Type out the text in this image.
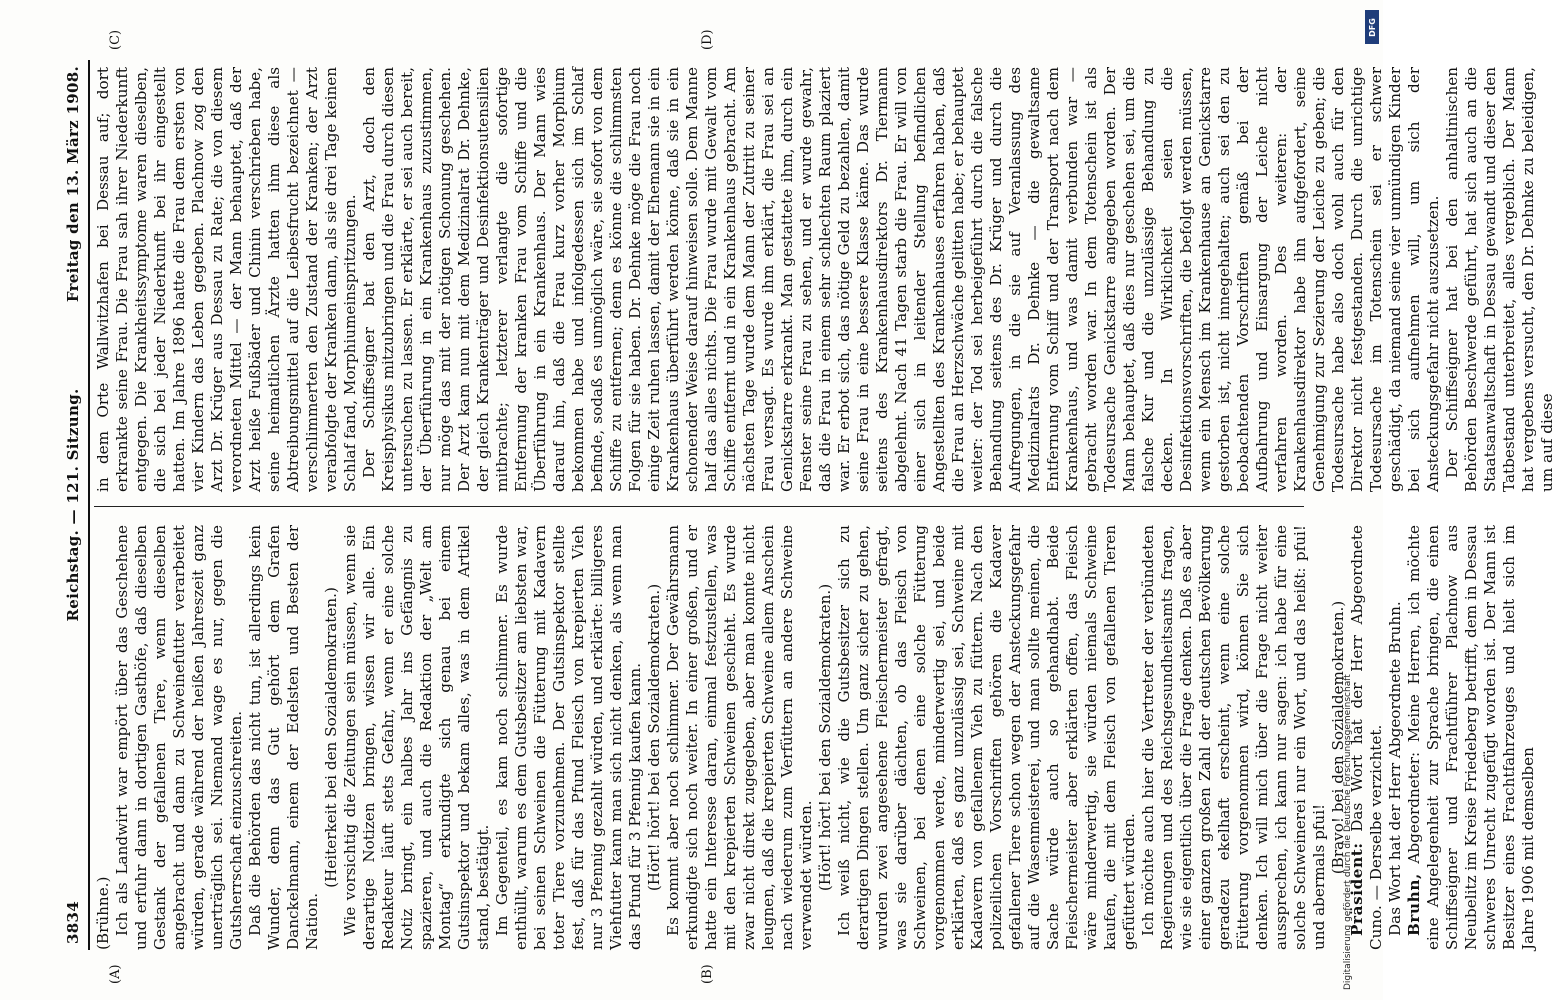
3834
Reichstag. — 121. Sitzung.
Freitag den 13. März 1908.
(A)	(B)
(C)	(D)

(Brühne.) Ich als Landwirt war empört über das Geschehene und erfuhr dann in dortigen Gasthöfe, daß dieselben Gestank der gefallenen Tiere, wenn dieselben angebracht und dann zu Schweinefutter verarbeitet würden, gerade während der heißen Jahreszeit ganz unerträglich sei. Niemand wage es nur, gegen die Gutsherrschaft einzuschreiten. Daß die Behörden das nicht tun, ist allerdings kein Wunder, denn das Gut gehört dem Grafen Danckelmann, einem der Edelsten und Besten der Nation.

(Heiterkeit bei den Sozialdemokraten.) Wie vorsichtig die Zeitungen sein müssen, wenn sie derartige Notizen bringen, wissen wir alle. Ein Redakteur läuft stets Gefahr, wenn er eine solche Notiz bringt, ein halbes Jahr ins Gefängnis zu spazieren, und auch die Redaktion der „Welt am Montag“ erkundigte sich genau bei einem Gutsinspektor und bekam alles, was in dem Artikel stand, bestätigt. Im Gegenteil, es kam noch schlimmer. Es wurde enthüllt, warum es dem Gutsbesitzer am liebsten war, bei seinen Schweinen die Fütterung mit Kadavern toter Tiere vorzunehmen. Der Gutsinspektor stellte fest, daß für das Pfund Fleisch von krepierten Vieh nur 3 Pfennig gezahlt würden, und erklärte: billigeres Viehfutter kann man sich nicht denken, als wenn man das Pfund für 3 Pfennig kaufen kann. (Hört! hört! bei den Sozialdemokraten.) Es kommt aber noch schlimmer. Der Gewährsmann erkundigte sich noch weiter. In einer großen, und er hatte ein Interesse daran, einmal festzustellen, was mit den krepierten Schweinen geschieht. Es wurde zwar nicht direkt zugegeben, aber man konnte nicht leugnen, daß die krepierten Schweine allem Anschein nach wiederum zum Verfüttern an andere Schweine verwendet würden. (Hört! hört! bei den Sozialdemokraten.) Ich weiß nicht, wie die Gutsbesitzer sich zu derartigen Dingen stellen. Um ganz sicher zu gehen, wurden zwei angesehene Fleischermeister gefragt, was sie darüber dächten, ob das Fleisch von Schweinen, bei denen eine solche Fütterung vorgenommen werde, minderwertig sei, und beide erklärten, daß es ganz unzulässig sei, Schweine mit Kadavern von gefallenem Vieh zu füttern. Nach den polizeilichen Vorschriften gehören die Kadaver gefallener Tiere schon wegen der Ansteckungsgefahr auf die Wasenmeisterei, und man sollte meinen, die Sache würde auch so gehandhabt. Beide Fleischermeister aber erklärten offen, das Fleisch wäre minderwertig, sie würden niemals Schweine kaufen, die mit dem Fleisch von gefallenen Tieren gefüttert würden. Ich möchte auch hier die Vertreter der verbündeten Regierungen und des Reichsgesundheitsamts fragen, wie sie eigentlich über die Frage denken. Daß es aber einer ganzen großen Zahl der deutschen Bevölkerung geradezu ekelhaft erscheint, wenn eine solche Fütterung vorgenommen wird, können Sie sich denken. Ich will mich über die Frage nicht weiter aussprechen, ich kann nur sagen: ich habe für eine solche Schweinerei nur ein Wort, und das heißt: pfui! und abermals pfui!

(Bravo! bei den Sozialdemokraten.)

Präsident: Das Wort hat der Herr Abgeordnete Cuno. — Derselbe verzichtet. Das Wort hat der Herr Abgeordnete Bruhn. Bruhn, Abgeordneter: Meine Herren, ich möchte eine Angelegenheit zur Sprache bringen, die einen Schiffseigner und Frachtführer Plachnow aus Neubelitz im Kreise Friedeberg betrifft, dem in Dessau schweres Unrecht zugefügt worden ist. Der Mann ist Besitzer eines Frachtfahrzeuges und hielt sich im Jahre 1906 mit demselben

in dem Orte Wallwitzhafen bei Dessau auf; dort erkrankte seine Frau. Die Frau sah ihrer Niederkunft entgegen. Die Krankheitssymptome waren dieselben, die sich bei jeder Niederkunft bei ihr eingestellt hatten. Im Jahre 1896 hatte die Frau dem ersten von vier Kindern das Leben gegeben. Plachnow zog den Arzt Dr. Krüger aus Dessau zu Rate; die von diesem verordneten Mittel — der Mann behauptet, daß der Arzt heiße Fußbäder und Chinin verschrieben habe, seine heimatlichen Ärzte hatten ihm diese als Abtreibungsmittel auf die Leibesfrucht bezeichnet — verschlimmerten den Zustand der Kranken; der Arzt verabfolgte der Kranken dann, als sie drei Tage keinen Schlaf fand, Morphiumeinspritzungen. Der Schiffseigner bat den Arzt, doch den Kreisphysikus mitzubringen und die Frau durch diesen untersuchen zu lassen. Er erklärte, er sei auch bereit, der Überführung in ein Krankenhaus zuzustimmen, nur möge das mit der nötigen Schonung geschehen. Der Arzt kam nun mit dem Medizinalrat Dr. Dehnke, der gleich Krankenträger und Desinfektionsutensilien mitbrachte; letzterer verlangte die sofortige Entfernung der kranken Frau vom Schiffe und die Überführung in ein Krankenhaus. Der Mann wies darauf hin, daß die Frau kurz vorher Morphium bekommen habe und infolgedessen sich im Schlaf befinde, sodaß es unmöglich wäre, sie sofort von dem Schiffe zu entfernen; denn es könne die schlimmsten Folgen für sie haben. Dr. Dehnke möge die Frau noch einige Zeit ruhen lassen, damit der Ehemann sie in ein Krankenhaus überführt werden könne, daß sie in ein schonender Weise darauf hinweisen solle. Dem Manne half das alles nichts. Die Frau wurde mit Gewalt vom Schiffe entfernt und in ein Krankenhaus gebracht. Am nächsten Tage wurde dem Mann der Zutritt zu seiner Frau versagt. Es wurde ihm erklärt, die Frau sei an Genickstarre erkrankt. Man gestattete ihm, durch ein Fenster seine Frau zu sehen, und er wurde gewahr, daß die Frau in einem sehr schlechten Raum plaziert war. Er erbot sich, das nötige Geld zu bezahlen, damit seine Frau in eine bessere Klasse käme. Das wurde seitens des Krankenhausdirektors Dr. Tiermann abgelehnt. Nach 41 Tagen starb die Frau. Er will von einer sich in leitender Stellung befindlichen Angestellten des Krankenhauses erfahren haben, daß die Frau an Herzschwäche gelitten habe; er behauptet weiter: der Tod sei herbeigeführt durch die falsche Behandlung seitens des Dr. Krüger und durch die Aufregungen, in die sie auf Veranlassung des Medizinalrats Dr. Dehnke — die gewaltsame Entfernung vom Schiff und der Transport nach dem Krankenhaus, und was damit verbunden war — gebracht worden war. In dem Totenschein ist als Todesursache Genickstarre angegeben worden. Der Mann behauptet, daß dies nur geschehen sei, um die falsche Kur und die unzulässige Behandlung zu decken. In Wirklichkeit seien die Desinfektionsvorschriften, die befolgt werden müssen, wenn ein Mensch im Krankenhause an Genickstarre gestorben ist, nicht innegehalten; auch sei den zu beobachtenden Vorschriften gemäß bei der Aufbahrung und Einsargung der Leiche nicht verfahren worden. Des weiteren: der Krankenhausdirektor habe ihn aufgefordert, seine Genehmigung zur Sezierung der Leiche zu geben; die Todesursache habe also doch wohl auch für den Direktor nicht festgestanden. Durch die unrichtige Todesursache im Totenschein sei er schwer geschädigt, da niemand seine vier unmündigen Kinder bei sich aufnehmen will, um sich der Ansteckungsgefahr nicht auszusetzen. Der Schiffseigner hat bei den anhaltinischen Behörden Beschwerde geführt, hat sich auch an die Staatsanwaltschaft in Dessau gewandt und dieser den Tatbestand unterbreitet, alles vergeblich. Der Mann hat vergebens versucht, den Dr. Dehnke zu beleidigen, um auf diese

Digitalisierung gefördert durch die Deutsche Forschungsgemeinschaft
DFG
